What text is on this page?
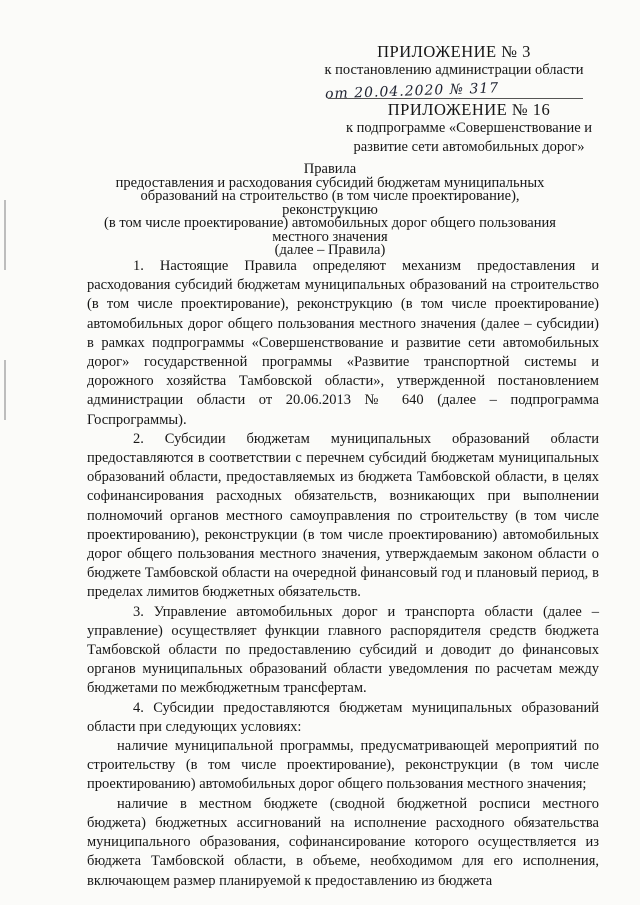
ПРИЛОЖЕНИЕ № 3
к постановлению администрации области
от 20.04.2020 № 317
ПРИЛОЖЕНИЕ № 16
к подпрограмме «Совершенствование и
развитие сети автомобильных дорог»
Правила
предоставления и расходования субсидий бюджетам муниципальных
образований на строительство (в том числе проектирование), реконструкцию
(в том числе проектирование) автомобильных дорог общего пользования
местного значения
(далее – Правила)

1. Настоящие Правила определяют механизм предоставления и расходования субсидий бюджетам муниципальных образований на строительство (в том числе проектирование), реконструкцию (в том числе проектирование) автомобильных дорог общего пользования местного значения (далее – субсидии) в рамках подпрограммы «Совершенствование и развитие сети автомобильных дорог» государственной программы «Развитие транспортной системы и дорожного хозяйства Тамбовской области», утвержденной постановлением администрации области от 20.06.2013 № 640 (далее – подпрограмма Госпрограммы).

2. Субсидии бюджетам муниципальных образований области предоставляются в соответствии с перечнем субсидий бюджетам муниципальных образований области, предоставляемых из бюджета Тамбовской области, в целях софинансирования расходных обязательств, возникающих при выполнении полномочий органов местного самоуправления по строительству (в том числе проектированию), реконструкции (в том числе проектированию) автомобильных дорог общего пользования местного значения, утверждаемым законом области о бюджете Тамбовской области на очередной финансовый год и плановый период, в пределах лимитов бюджетных обязательств.

3. Управление автомобильных дорог и транспорта области (далее – управление) осуществляет функции главного распорядителя средств бюджета Тамбовской области по предоставлению субсидий и доводит до финансовых органов муниципальных образований области уведомления по расчетам между бюджетами по межбюджетным трансфертам.

4. Субсидии предоставляются бюджетам муниципальных образований области при следующих условиях:

наличие муниципальной программы, предусматривающей мероприятий по строительству (в том числе проектирование), реконструкции (в том числе проектированию) автомобильных дорог общего пользования местного значения;

наличие в местном бюджете (сводной бюджетной росписи местного бюджета) бюджетных ассигнований на исполнение расходного обязательства муниципального образования, софинансирование которого осуществляется из бюджета Тамбовской области, в объеме, необходимом для его исполнения, включающем размер планируемой к предоставлению из бюджета
